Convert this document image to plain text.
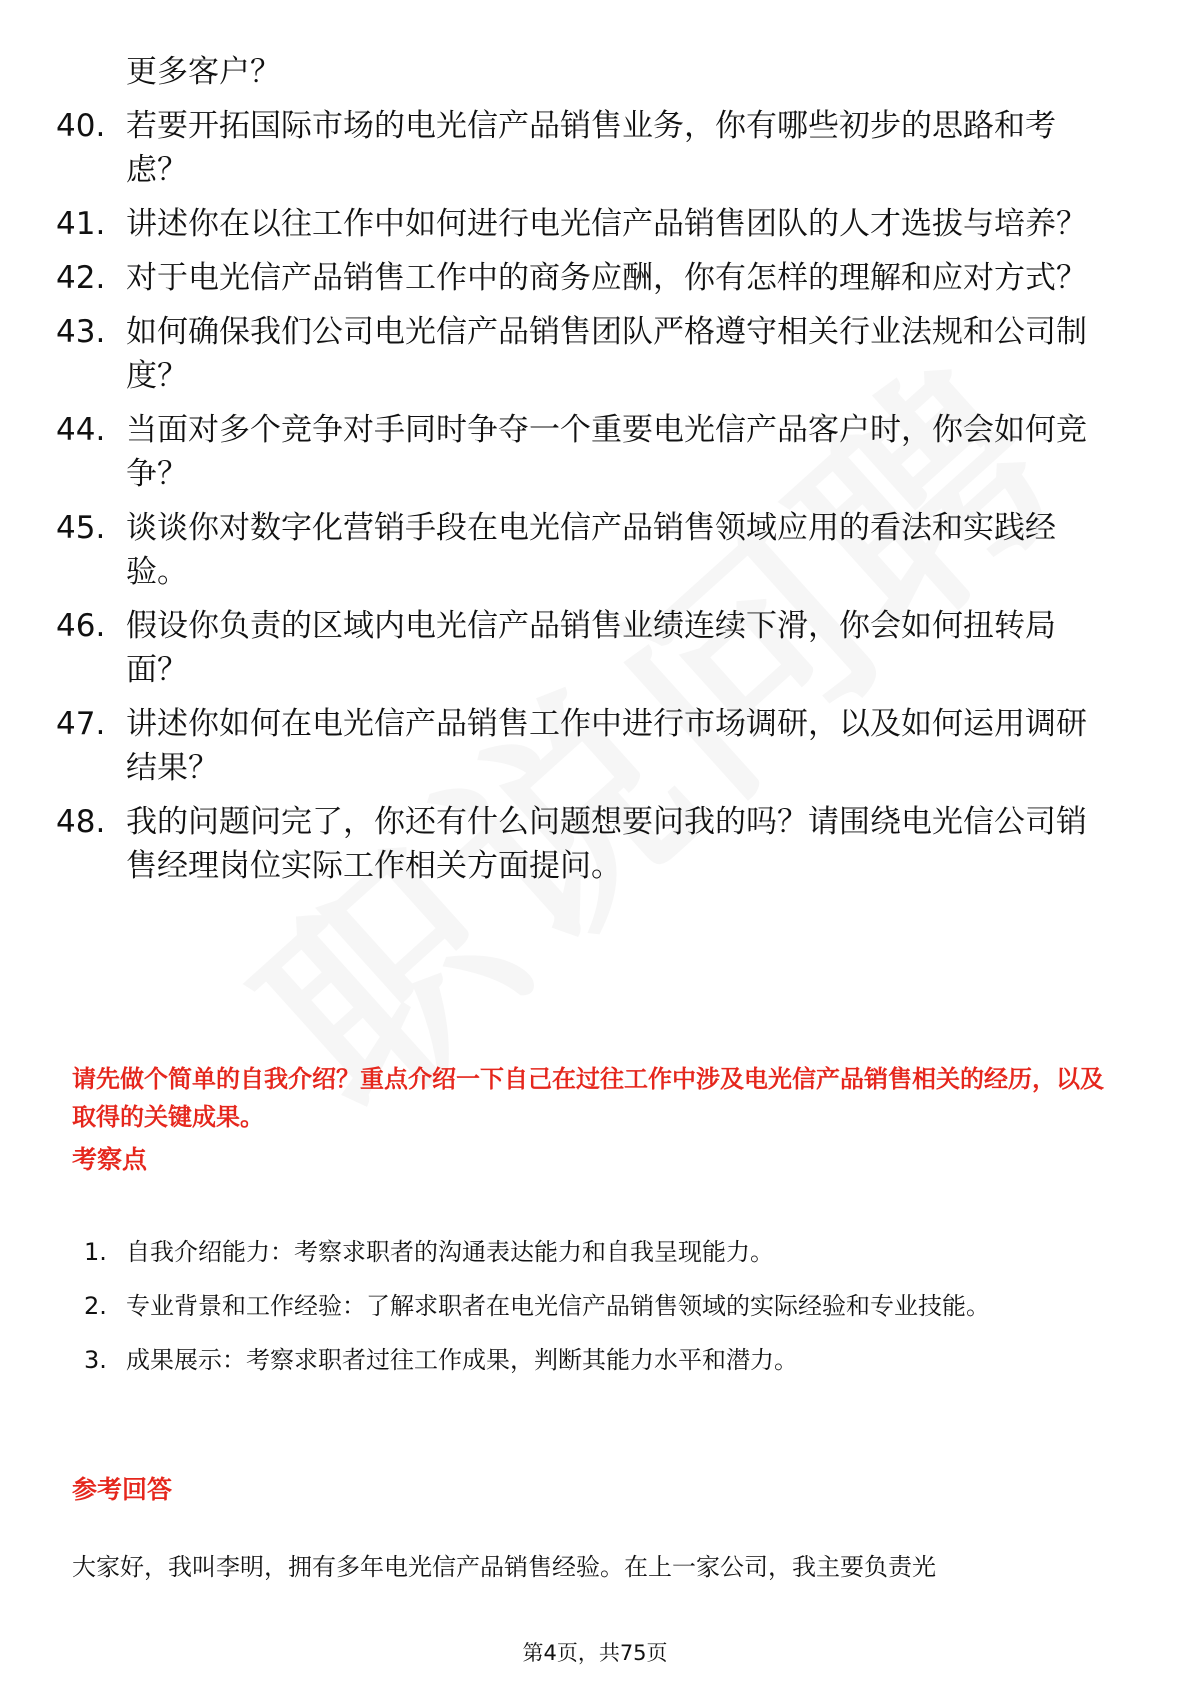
更多客户？
40. 若要开拓国际市场的电光信产品销售业务，你有哪些初步的思路和考虑？
41. 讲述你在以往工作中如何进行电光信产品销售团队的人才选拔与培养？
42. 对于电光信产品销售工作中的商务应酬，你有怎样的理解和应对方式？
43. 如何确保我们公司电光信产品销售团队严格遵守相关行业法规和公司制度？
44. 当面对多个竞争对手同时争夺一个重要电光信产品客户时，你会如何竞争？
45. 谈谈你对数字化营销手段在电光信产品销售领域应用的看法和实践经验。
46. 假设你负责的区域内电光信产品销售业绩连续下滑，你会如何扭转局面？
47. 讲述你如何在电光信产品销售工作中进行市场调研，以及如何运用调研结果？
48. 我的问题问完了，你还有什么问题想要问我的吗？请围绕电光信公司销售经理岗位实际工作相关方面提问。
请先做个简单的自我介绍？重点介绍一下自己在过往工作中涉及电光信产品销售相关的经历，以及取得的关键成果。
考察点
1. 自我介绍能力：考察求职者的沟通表达能力和自我呈现能力。
2. 专业背景和工作经验：了解求职者在电光信产品销售领域的实际经验和专业技能。
3. 成果展示：考察求职者过往工作成果，判断其能力水平和潜力。
参考回答
大家好，我叫李明，拥有多年电光信产品销售经验。在上一家公司，我主要负责光
第4页，共75页
